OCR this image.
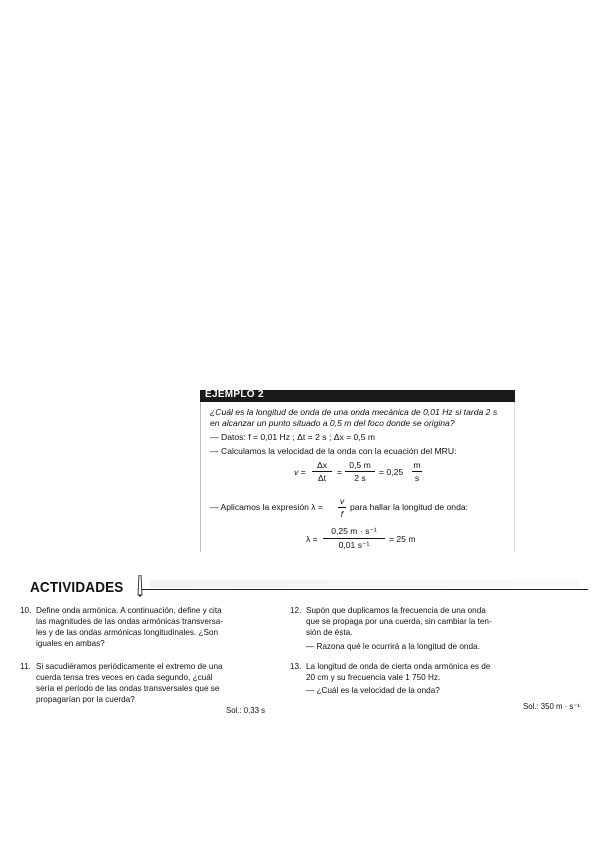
EJEMPLO 2
¿Cuál es la longitud de onda de una onda mecánica de 0,01 Hz si tarda 2 s
en alcanzar un punto situado a 0,5 m del foco donde se origina?
— Datos: f = 0,01 Hz ; Δt = 2 s ; Δx = 0,5 m
— Calculamos la velocidad de la onda con la ecuación del MRU:
v =
Δx
Δt
=
0,5 m
2 s
= 0,25
m
s
— Aplicamos la expresión λ =
v
f
para hallar la longitud de onda:
λ =
0,25 m · s⁻¹
0,01 s⁻¹
= 25 m
ACTIVIDADES
10. Define onda armónica. A continuación, define y cita
las magnitudes de las ondas armónicas transversa-
les y de las ondas armónicas longitudinales. ¿Son
iguales en ambas?
11. Si sacudiéramos periódicamente el extremo de una
cuerda tensa tres veces en cada segundo, ¿cuál
sería el período de las ondas transversales que se
propagarían por la cuerda?
Sol.: 0,33 s
12. Supón que duplicamos la frecuencia de una onda
que se propaga por una cuerda, sin cambiar la ten-
sión de ésta.
— Razona qué le ocurrirá a la longitud de onda.
13. La longitud de onda de cierta onda armónica es de
20 cm y su frecuencia vale 1 750 Hz.
— ¿Cuál es la velocidad de la onda?
Sol.: 350 m · s⁻¹
